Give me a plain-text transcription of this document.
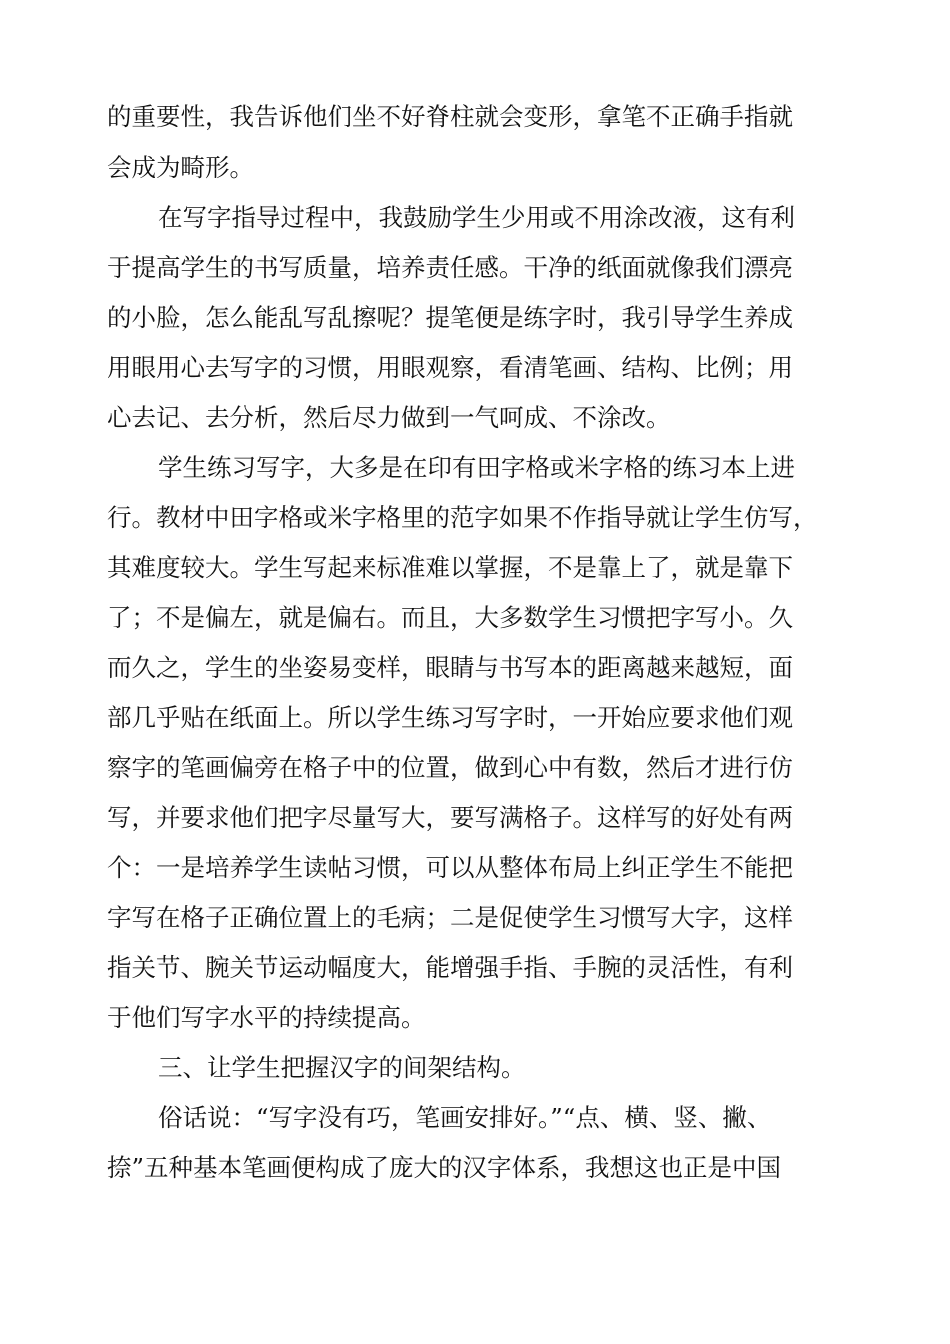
的重要性，我告诉他们坐不好脊柱就会变形，拿笔不正确手指就
会成为畸形。
在写字指导过程中，我鼓励学生少用或不用涂改液，这有利
于提高学生的书写质量，培养责任感。干净的纸面就像我们漂亮
的小脸，怎么能乱写乱擦呢？提笔便是练字时，我引导学生养成
用眼用心去写字的习惯，用眼观察，看清笔画、结构、比例；用
心去记、去分析，然后尽力做到一气呵成、不涂改。
学生练习写字，大多是在印有田字格或米字格的练习本上进
行。教材中田字格或米字格里的范字如果不作指导就让学生仿写，
其难度较大。学生写起来标准难以掌握，不是靠上了，就是靠下
了；不是偏左，就是偏右。而且，大多数学生习惯把字写小。久
而久之，学生的坐姿易变样，眼睛与书写本的距离越来越短，面
部几乎贴在纸面上。所以学生练习写字时，一开始应要求他们观
察字的笔画偏旁在格子中的位置，做到心中有数，然后才进行仿
写，并要求他们把字尽量写大，要写满格子。这样写的好处有两
个：一是培养学生读帖习惯，可以从整体布局上纠正学生不能把
字写在格子正确位置上的毛病；二是促使学生习惯写大字，这样
指关节、腕关节运动幅度大，能增强手指、手腕的灵活性，有利
于他们写字水平的持续提高。
三、让学生把握汉字的间架结构。
俗话说：“写字没有巧，笔画安排好。”“点、横、竖、撇、
捺”五种基本笔画便构成了庞大的汉字体系，我想这也正是中国
